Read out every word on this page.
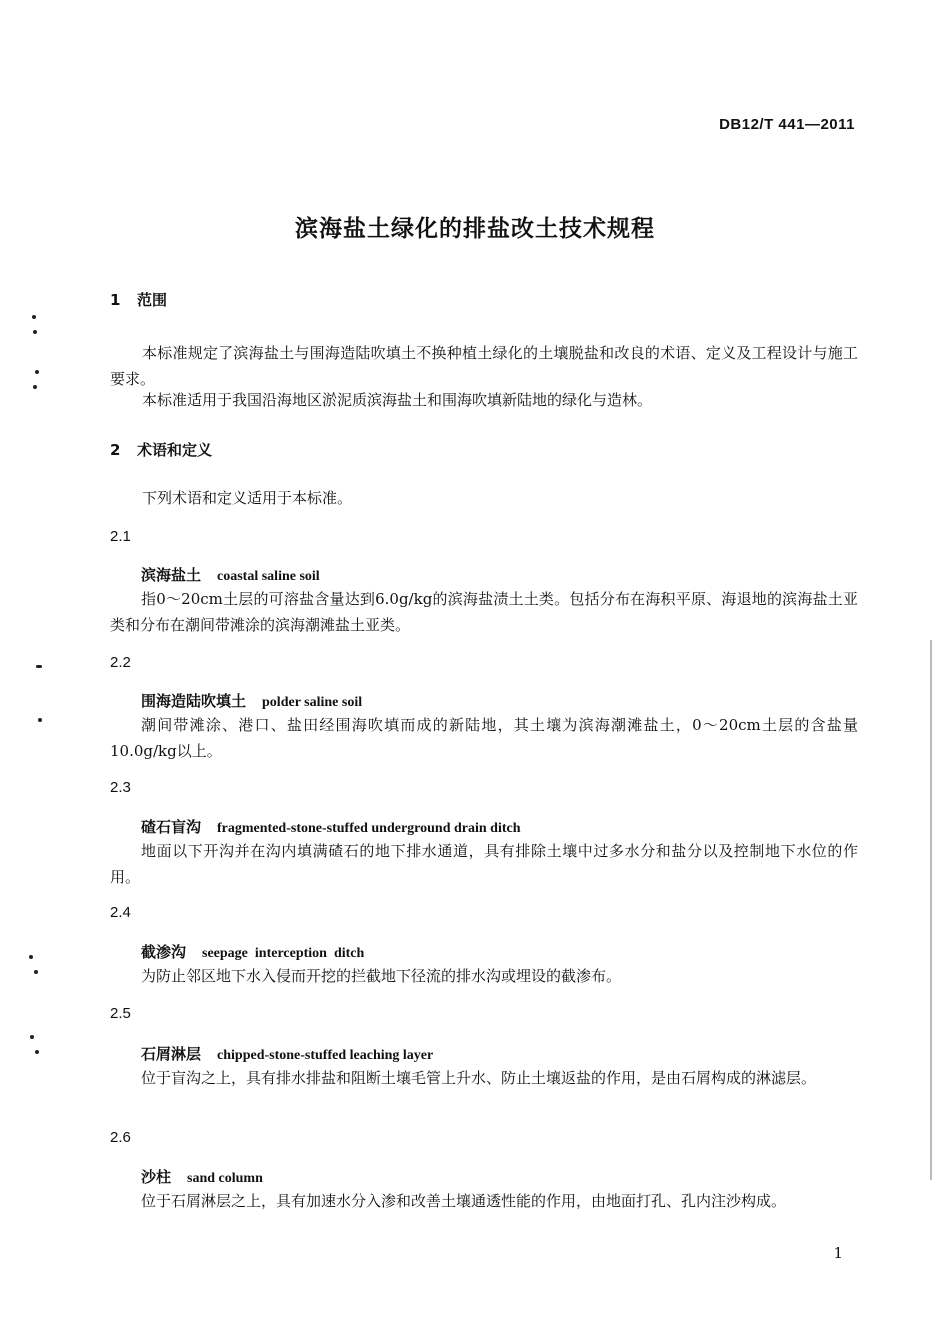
DB12/T 441—2011
滨海盐土绿化的排盐改土技术规程
1 范围
本标准规定了滨海盐土与围海造陆吹填土不换种植土绿化的土壤脱盐和改良的术语、定义及工程设计与施工要求。
本标准适用于我国沿海地区淤泥质滨海盐土和围海吹填新陆地的绿化与造林。
2 术语和定义
下列术语和定义适用于本标准。
2.1
滨海盐土 coastal saline soil
指0～20cm土层的可溶盐含量达到6.0g/kg的滨海盐渍土土类。包括分布在海积平原、海退地的滨海盐土亚类和分布在潮间带滩涂的滨海潮滩盐土亚类。
2.2
围海造陆吹填土 polder saline soil
潮间带滩涂、港口、盐田经围海吹填而成的新陆地，其土壤为滨海潮滩盐土，0～20cm土层的含盐量10.0g/kg以上。
2.3
碴石盲沟 fragmented-stone-stuffed underground drain ditch
地面以下开沟并在沟内填满碴石的地下排水通道，具有排除土壤中过多水分和盐分以及控制地下水位的作用。
2.4
截渗沟 seepage  interception  ditch
为防止邻区地下水入侵而开挖的拦截地下径流的排水沟或埋设的截渗布。
2.5
石屑淋层 chipped-stone-stuffed leaching layer
位于盲沟之上，具有排水排盐和阻断土壤毛管上升水、防止土壤返盐的作用，是由石屑构成的淋滤层。
2.6
沙柱 sand column
位于石屑淋层之上，具有加速水分入渗和改善土壤通透性能的作用，由地面打孔、孔内注沙构成。
1
